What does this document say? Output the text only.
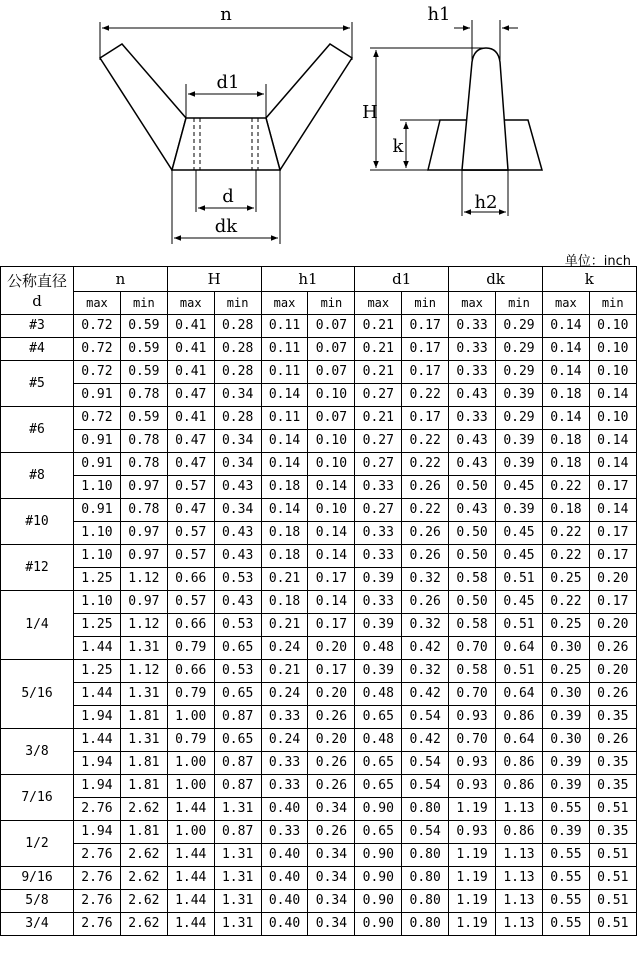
n
d1
d
dk
h1
H
k
h2
单位：inch
公称直径
d	n		H		h1		d1		dk		k	
	max	min	max	min	max	min	max	min	max	min	max	min
#3	0.72	0.59	0.41	0.28	0.11	0.07	0.21	0.17	0.33	0.29	0.14	0.10
#4	0.72	0.59	0.41	0.28	0.11	0.07	0.21	0.17	0.33	0.29	0.14	0.10
#5	0.72	0.59	0.41	0.28	0.11	0.07	0.21	0.17	0.33	0.29	0.14	0.10
	0.91	0.78	0.47	0.34	0.14	0.10	0.27	0.22	0.43	0.39	0.18	0.14
#6	0.72	0.59	0.41	0.28	0.11	0.07	0.21	0.17	0.33	0.29	0.14	0.10
	0.91	0.78	0.47	0.34	0.14	0.10	0.27	0.22	0.43	0.39	0.18	0.14
#8	0.91	0.78	0.47	0.34	0.14	0.10	0.27	0.22	0.43	0.39	0.18	0.14
	1.10	0.97	0.57	0.43	0.18	0.14	0.33	0.26	0.50	0.45	0.22	0.17
#10	0.91	0.78	0.47	0.34	0.14	0.10	0.27	0.22	0.43	0.39	0.18	0.14
	1.10	0.97	0.57	0.43	0.18	0.14	0.33	0.26	0.50	0.45	0.22	0.17
#12	1.10	0.97	0.57	0.43	0.18	0.14	0.33	0.26	0.50	0.45	0.22	0.17
	1.25	1.12	0.66	0.53	0.21	0.17	0.39	0.32	0.58	0.51	0.25	0.20
1/4	1.10	0.97	0.57	0.43	0.18	0.14	0.33	0.26	0.50	0.45	0.22	0.17
	1.25	1.12	0.66	0.53	0.21	0.17	0.39	0.32	0.58	0.51	0.25	0.20
	1.44	1.31	0.79	0.65	0.24	0.20	0.48	0.42	0.70	0.64	0.30	0.26
5/16	1.25	1.12	0.66	0.53	0.21	0.17	0.39	0.32	0.58	0.51	0.25	0.20
	1.44	1.31	0.79	0.65	0.24	0.20	0.48	0.42	0.70	0.64	0.30	0.26
	1.94	1.81	1.00	0.87	0.33	0.26	0.65	0.54	0.93	0.86	0.39	0.35
3/8	1.44	1.31	0.79	0.65	0.24	0.20	0.48	0.42	0.70	0.64	0.30	0.26
	1.94	1.81	1.00	0.87	0.33	0.26	0.65	0.54	0.93	0.86	0.39	0.35
7/16	1.94	1.81	1.00	0.87	0.33	0.26	0.65	0.54	0.93	0.86	0.39	0.35
	2.76	2.62	1.44	1.31	0.40	0.34	0.90	0.80	1.19	1.13	0.55	0.51
1/2	1.94	1.81	1.00	0.87	0.33	0.26	0.65	0.54	0.93	0.86	0.39	0.35
	2.76	2.62	1.44	1.31	0.40	0.34	0.90	0.80	1.19	1.13	0.55	0.51
9/16	2.76	2.62	1.44	1.31	0.40	0.34	0.90	0.80	1.19	1.13	0.55	0.51
5/8	2.76	2.62	1.44	1.31	0.40	0.34	0.90	0.80	1.19	1.13	0.55	0.51
3/4	2.76	2.62	1.44	1.31	0.40	0.34	0.90	0.80	1.19	1.13	0.55	0.51
